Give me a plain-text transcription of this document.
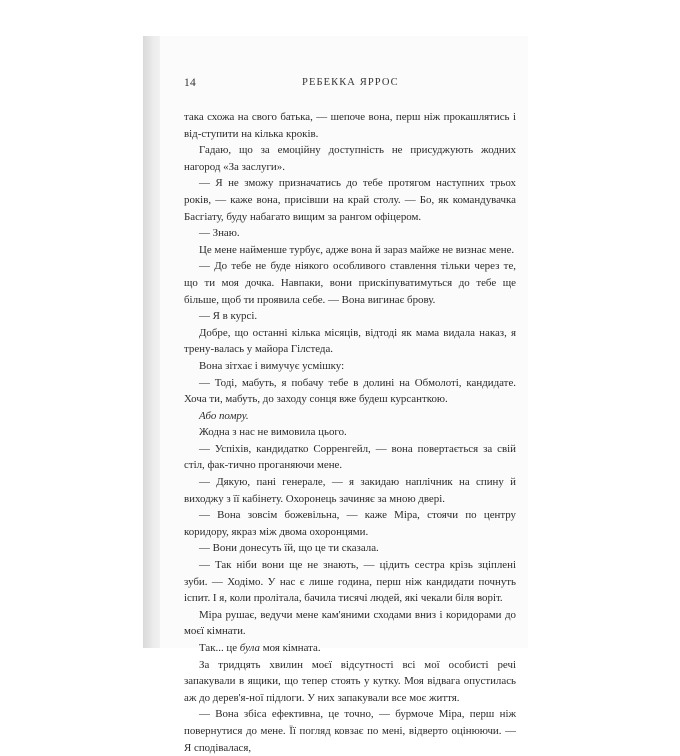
14	РЕБЕККА ЯРРОС

така схожа на свого батька, — шепоче вона, перш ніж прокашлятись і від-ступити на кілька кроків.

Гадаю, що за емоційну доступність не присуджують жодних нагород «За заслуги».

— Я не зможу призначатись до тебе протягом наступних трьох років, — каже вона, присівши на край столу. — Бо, як командувачка Басгіату, буду набагато вищим за рангом офіцером.

— Знаю.

Це мене найменше турбує, адже вона й зараз майже не визнає мене.

— До тебе не буде ніякого особливого ставлення тільки через те, що ти моя дочка. Навпаки, вони прискіпуватимуться до тебе ще більше, щоб ти проявила себе. — Вона вигинає брову.

— Я в курсі.

Добре, що останні кілька місяців, відтоді як мама видала наказ, я трену-валась у майора Гілстеда.

Вона зітхає і вимучує усмішку:

— Тоді, мабуть, я побачу тебе в долині на Обмолоті, кандидате. Хоча ти, мабуть, до заходу сонця вже будеш курсанткою.

Або помру.

Жодна з нас не вимовила цього.

— Успіхів, кандидатко Сорренгейл, — вона повертається за свій стіл, фак-тично проганяючи мене.

— Дякую, пані генерале, — я закидаю наплічник на спину й виходжу з її кабінету. Охоронець зачиняє за мною двері.

— Вона зовсім божевільна, — каже Міра, стоячи по центру коридору, якраз між двома охоронцями.

— Вони донесуть їй, що це ти сказала.

— Так ніби вони ще не знають, — цідить сестра крізь зціплені зуби. — Ходімо. У нас є лише година, перш ніж кандидати почнуть іспит. І я, коли пролітала, бачила тисячі людей, які чекали біля воріт.

Міра рушає, ведучи мене кам'яними сходами вниз і коридорами до моєї кімнати.

Так... це була моя кімната.

За тридцять хвилин моєї відсутності всі мої особисті речі запакували в ящики, що тепер стоять у кутку. Моя відвага опустилась аж до дерев'я-ної підлоги. У них запакували все моє життя.

— Вона збіса ефективна, це точно, — бурмоче Міра, перш ніж повернутися до мене. Її погляд ковзає по мені, відверто оцінюючи. — Я сподівалася,
